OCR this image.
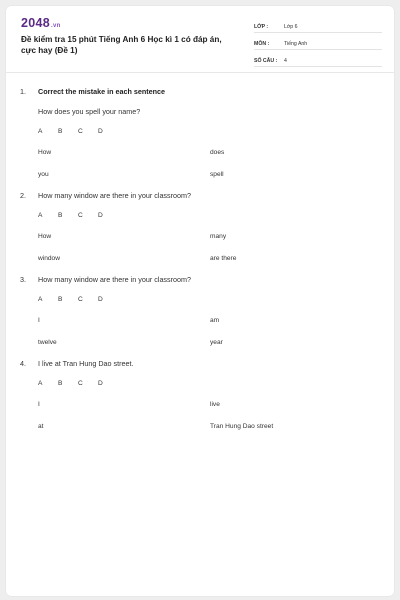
2048.vn
Đề kiểm tra 15 phút Tiếng Anh 6 Học kì 1 có đáp án, cực hay (Đề 1)
LỚP :	Lớp 6
MÔN :	Tiếng Anh
SỐ CÂU :	4
1.	Correct the mistake in each sentence
How does you spell your name?
A	B	C	D
How	does
you	spell
2.	How many window are there in your classroom?
A	B	C	D
How	many
window	are there
3.	How many window are there in your classroom?
A	B	C	D
I	am
twelve	year
4.	I live at Tran Hung Dao street.
A	B	C	D
I	live
at	Tran Hung Dao street
